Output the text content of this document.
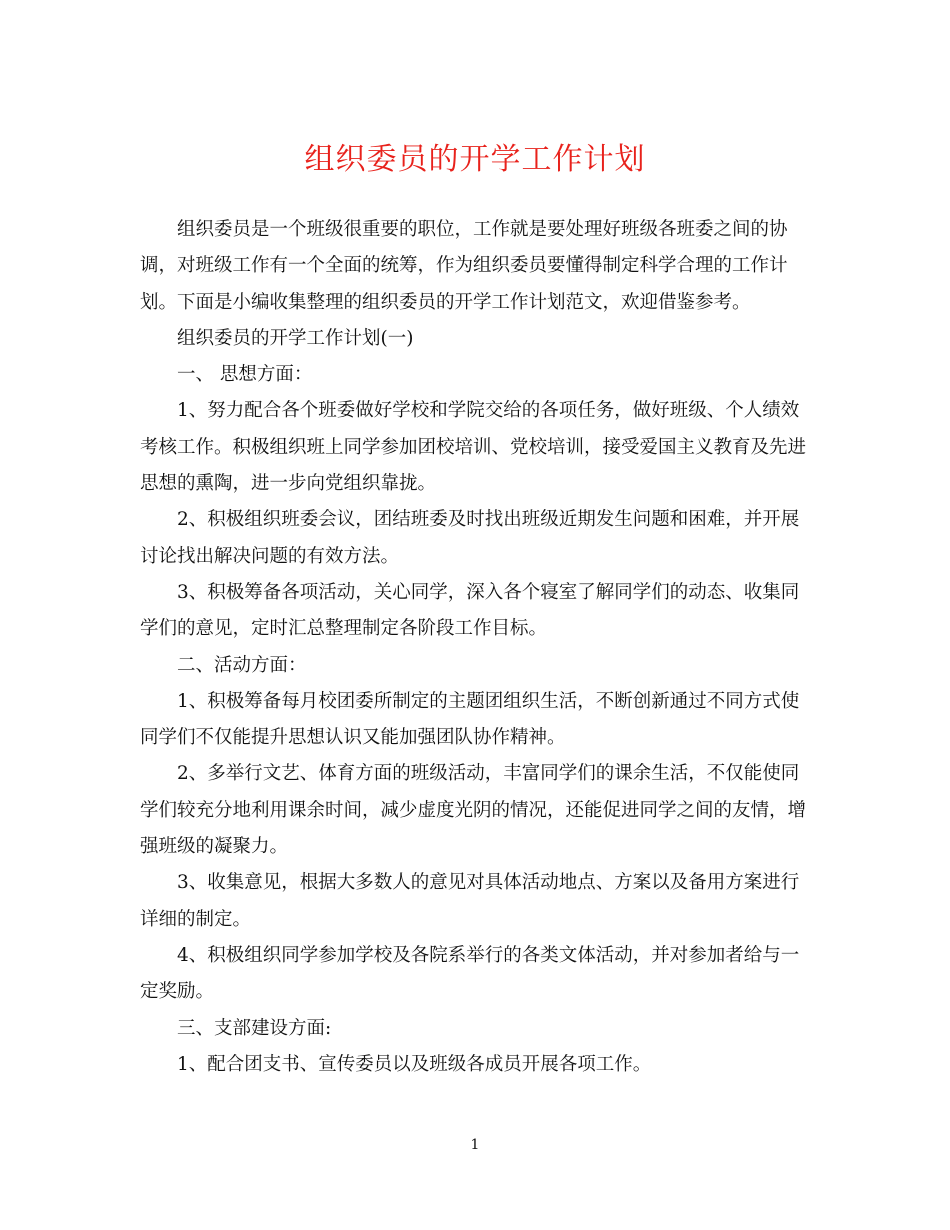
组织委员的开学工作计划

组织委员是一个班级很重要的职位，工作就是要处理好班级各班委之间的协
调，对班级工作有一个全面的统筹，作为组织委员要懂得制定科学合理的工作计
划。下面是小编收集整理的组织委员的开学工作计划范文，欢迎借鉴参考。

组织委员的开学工作计划(一)

一、 思想方面：

1、努力配合各个班委做好学校和学院交给的各项任务，做好班级、个人绩效
考核工作。积极组织班上同学参加团校培训、党校培训，接受爱国主义教育及先进
思想的熏陶，进一步向党组织靠拢。

2、积极组织班委会议，团结班委及时找出班级近期发生问题和困难，并开展
讨论找出解决问题的有效方法。

3、积极筹备各项活动，关心同学，深入各个寝室了解同学们的动态、收集同
学们的意见，定时汇总整理制定各阶段工作目标。

二、活动方面：

1、积极筹备每月校团委所制定的主题团组织生活，不断创新通过不同方式使
同学们不仅能提升思想认识又能加强团队协作精神。

2、多举行文艺、体育方面的班级活动，丰富同学们的课余生活，不仅能使同
学们较充分地利用课余时间，减少虚度光阴的情况，还能促进同学之间的友情，增
强班级的凝聚力。

3、收集意见，根据大多数人的意见对具体活动地点、方案以及备用方案进行
详细的制定。

4、积极组织同学参加学校及各院系举行的各类文体活动，并对参加者给与一
定奖励。

三、支部建设方面:

1、配合团支书、宣传委员以及班级各成员开展各项工作。

1
